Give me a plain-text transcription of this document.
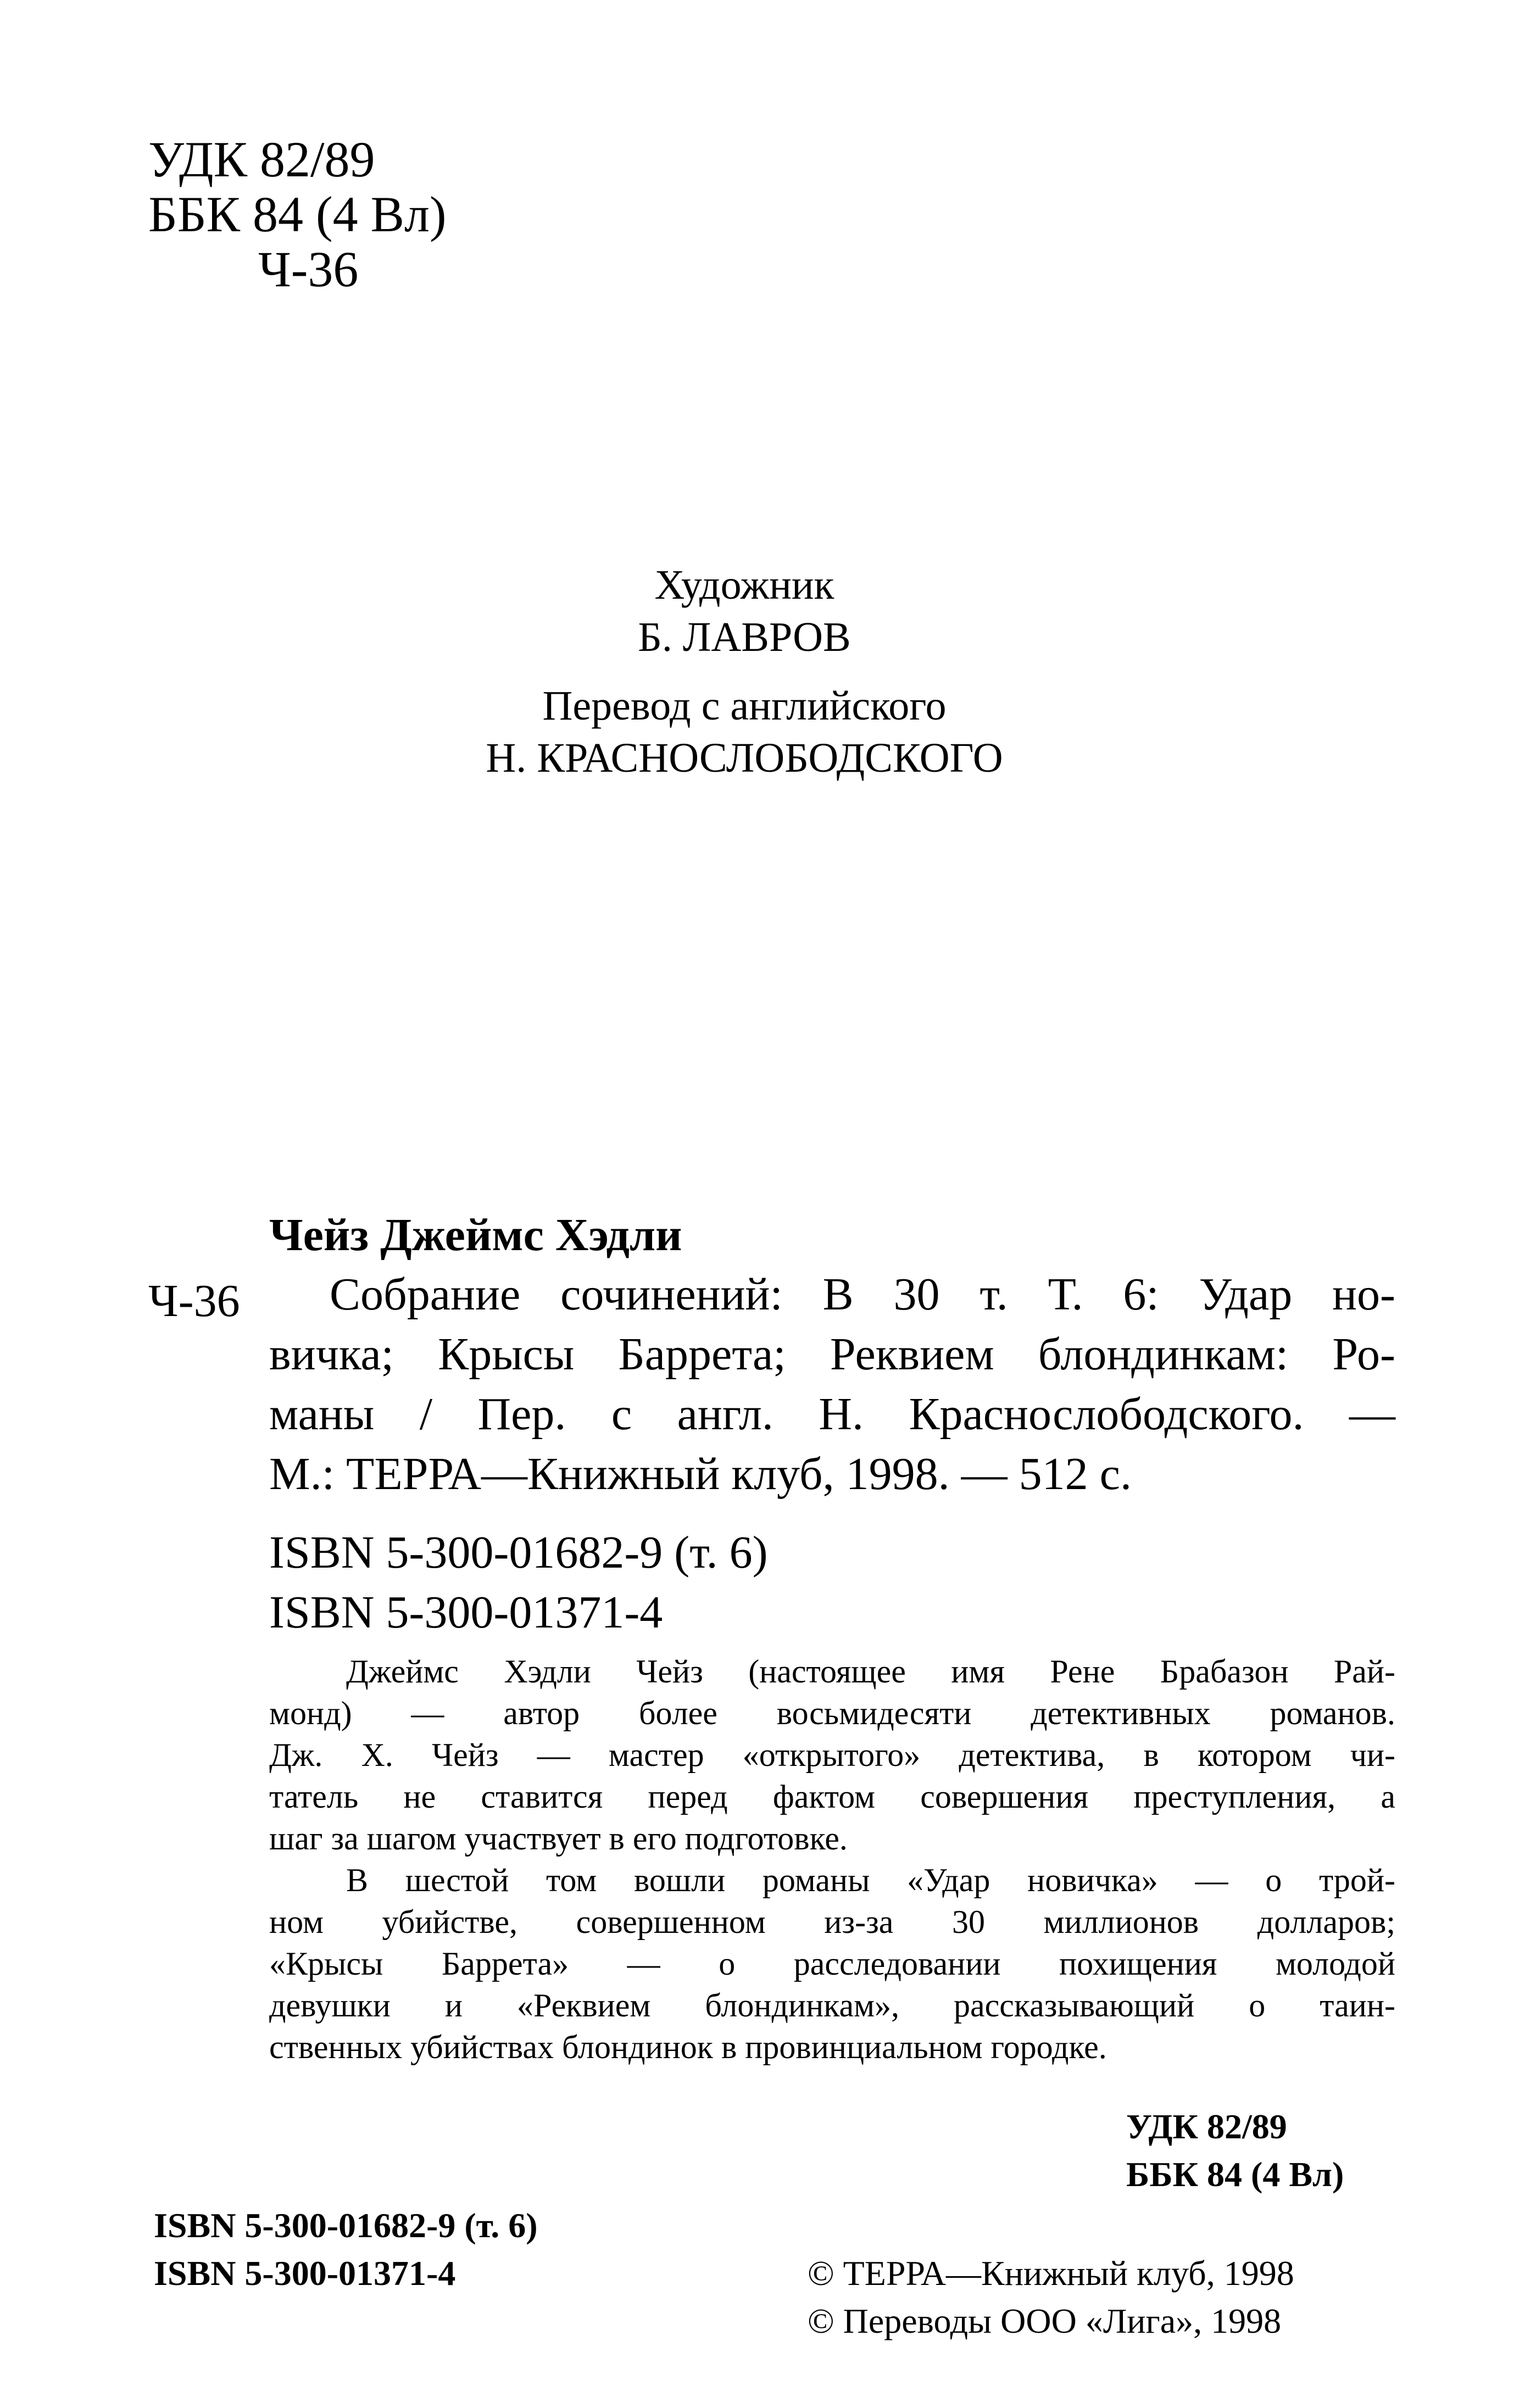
УДК 82/89
ББК 84 (4 Вл)
Ч-36
Художник
Б. ЛАВРОВ
Перевод с английского
Н. КРАСНОСЛОБОДСКОГО
Чейз Джеймс Хэдли
Ч-36 Собрание сочинений: В 30 т. Т. 6: Удар но-
вичка; Крысы Баррета; Реквием блондинкам: Ро-
маны / Пер. с англ. Н. Краснослободского. —
М.: ТЕРРА—Книжный клуб, 1998. — 512 с.
ISBN 5-300-01682-9 (т. 6)
ISBN 5-300-01371-4
Джеймс Хэдли Чейз (настоящее имя Рене Брабазон Рай-
монд) — автор более восьмидесяти детективных романов.
Дж. Х. Чейз — мастер «открытого» детектива, в котором чи-
татель не ставится перед фактом совершения преступления, а
шаг за шагом участвует в его подготовке.
В шестой том вошли романы «Удар новичка» — о трой-
ном убийстве, совершенном из-за 30 миллионов долларов;
«Крысы Баррета» — о расследовании похищения молодой
девушки и «Реквием блондинкам», рассказывающий о таин-
ственных убийствах блондинок в провинциальном городке.
УДК 82/89
ББК 84 (4 Вл)
ISBN 5-300-01682-9 (т. 6)
ISBN 5-300-01371-4	© ТЕРРА—Книжный клуб, 1998
© Переводы ООО «Лига», 1998
